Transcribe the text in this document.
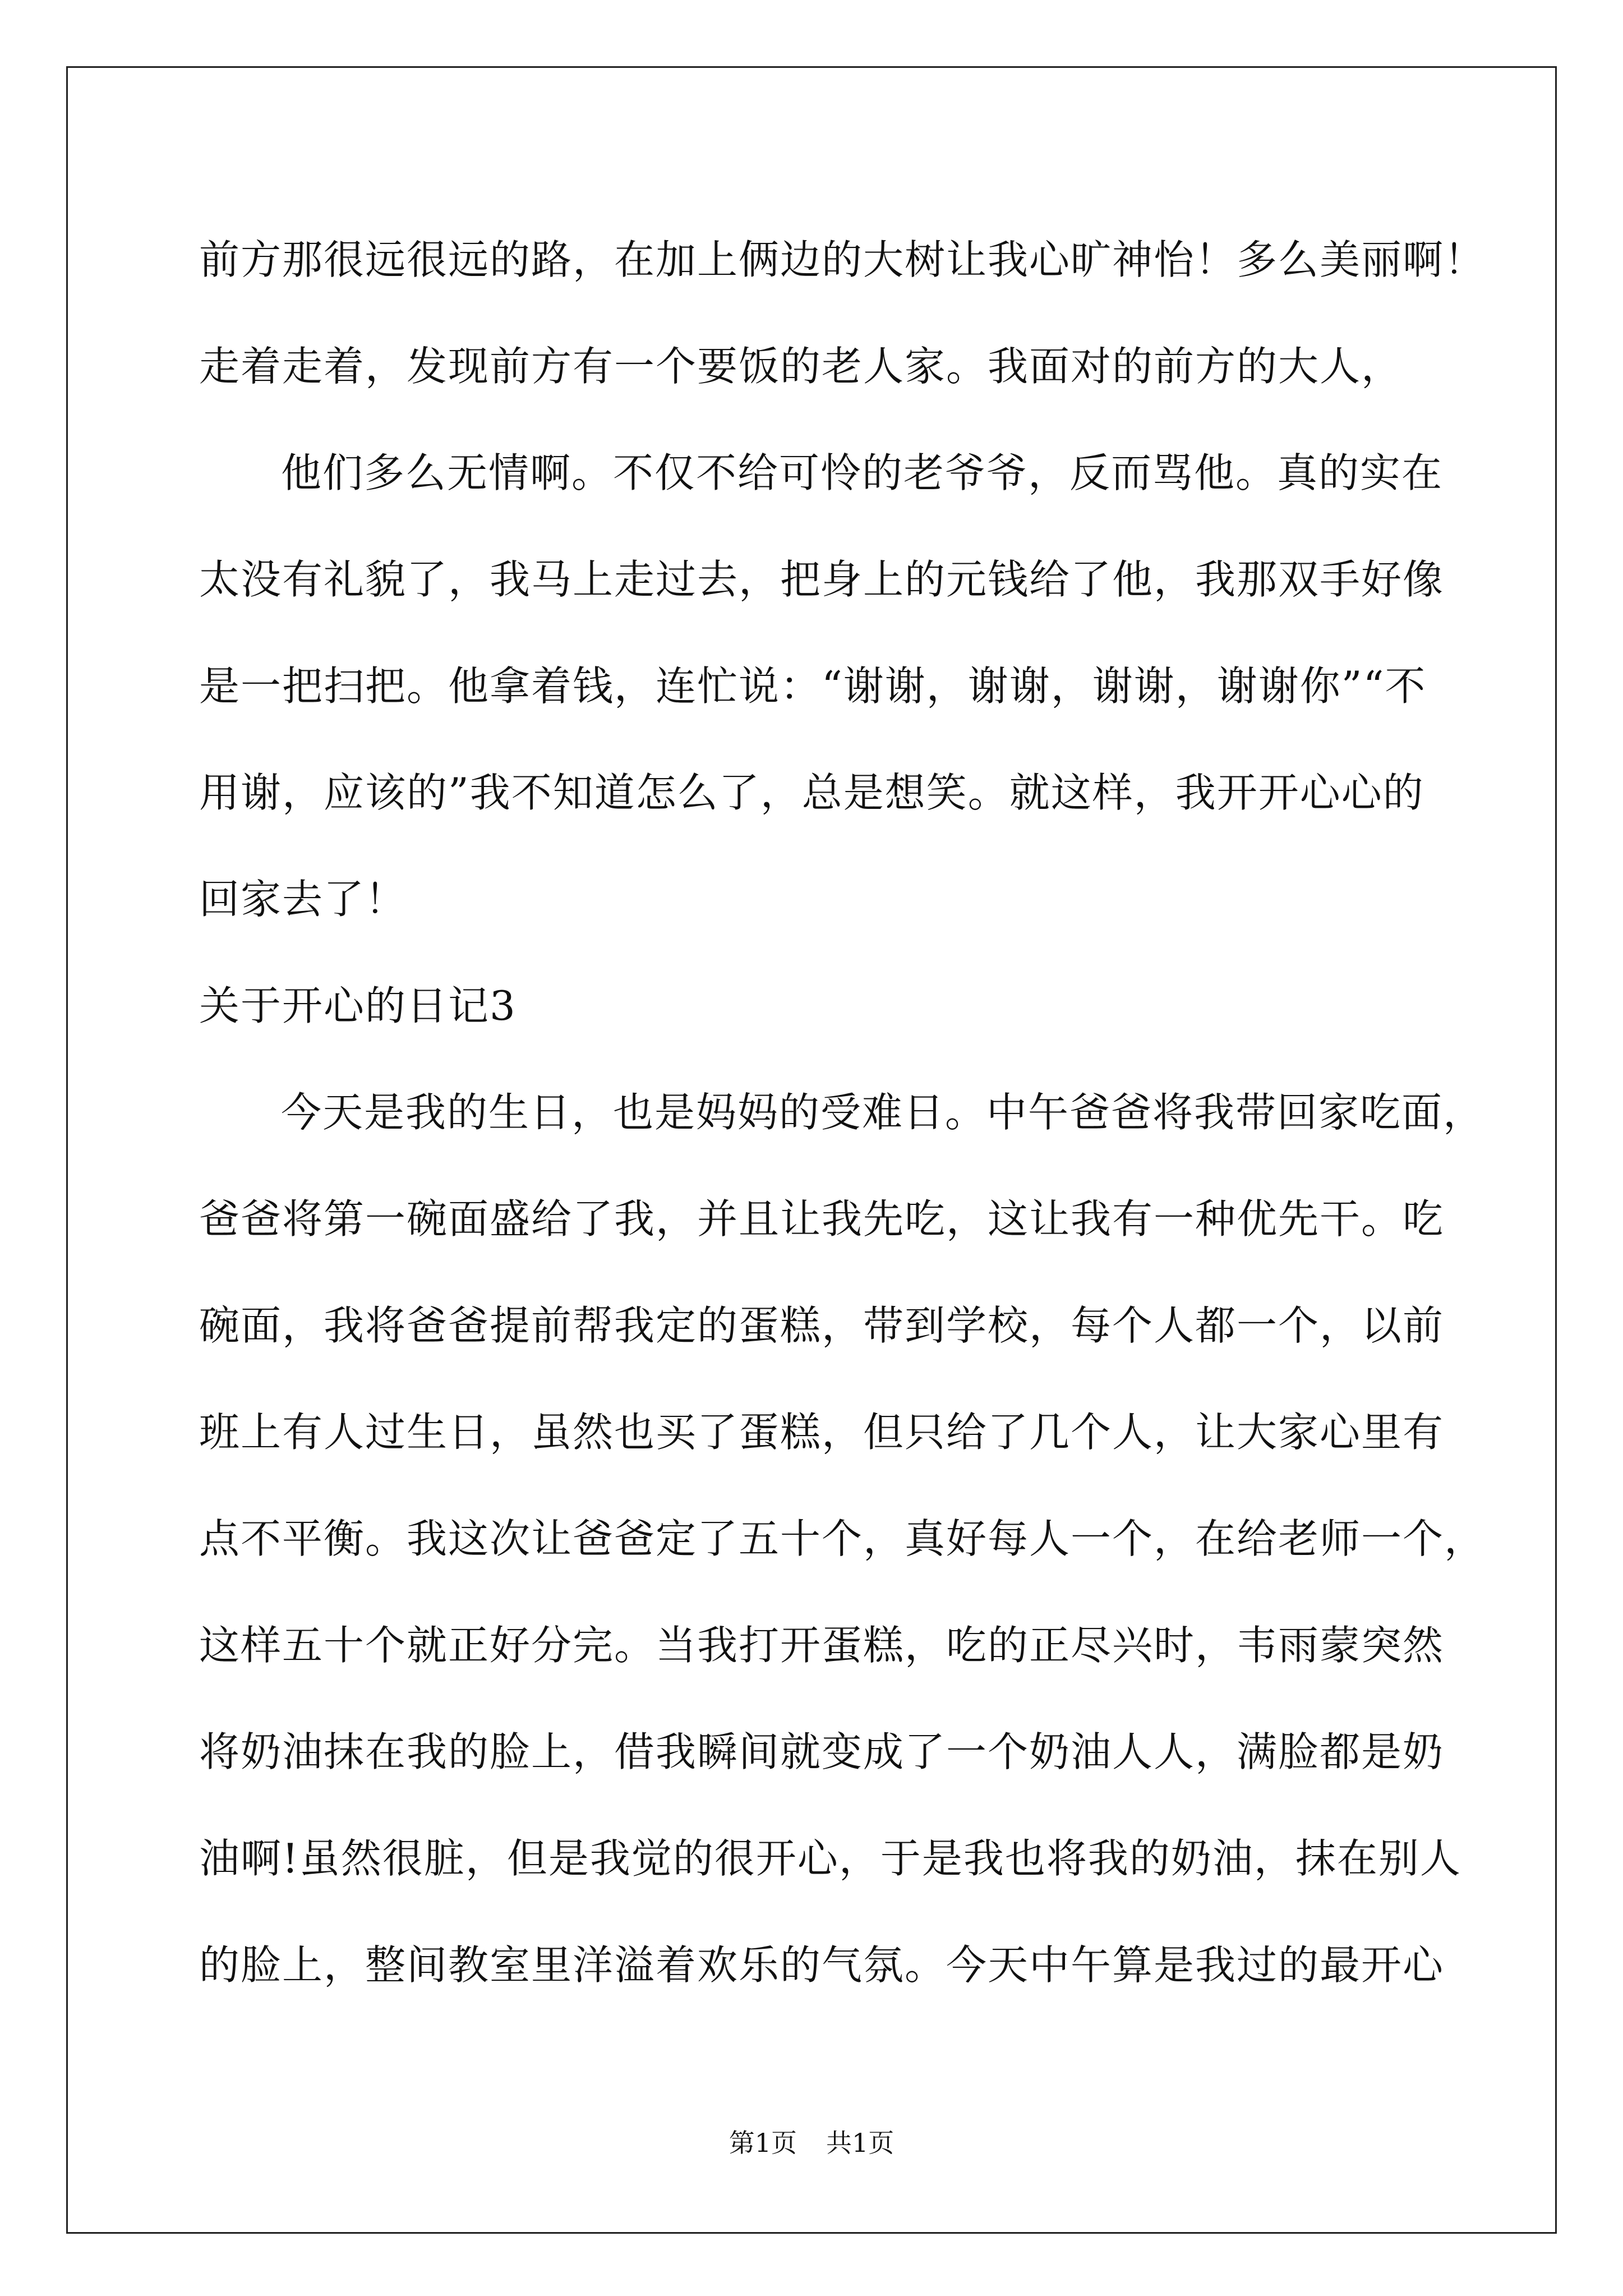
前方那很远很远的路，在加上俩边的大树让我心旷神怡！多么美丽啊！
走着走着，发现前方有一个要饭的老人家。我面对的前方的大人，
他们多么无情啊。不仅不给可怜的老爷爷，反而骂他。真的实在
太没有礼貌了，我马上走过去，把身上的元钱给了他，我那双手好像
是一把扫把。他拿着钱，连忙说：“谢谢，谢谢，谢谢，谢谢你”“不
用谢，应该的”我不知道怎么了，总是想笑。就这样，我开开心心的
回家去了！
关于开心的日记3
今天是我的生日，也是妈妈的受难日。中午爸爸将我带回家吃面，
爸爸将第一碗面盛给了我，并且让我先吃，这让我有一种优先干。吃
碗面，我将爸爸提前帮我定的蛋糕，带到学校，每个人都一个，以前
班上有人过生日，虽然也买了蛋糕，但只给了几个人，让大家心里有
点不平衡。我这次让爸爸定了五十个，真好每人一个，在给老师一个，
这样五十个就正好分完。当我打开蛋糕，吃的正尽兴时，韦雨蒙突然
将奶油抹在我的脸上，借我瞬间就变成了一个奶油人人，满脸都是奶
油啊!虽然很脏，但是我觉的很开心，于是我也将我的奶油，抹在别人
的脸上，整间教室里洋溢着欢乐的气氛。今天中午算是我过的最开心
第1页 共1页
